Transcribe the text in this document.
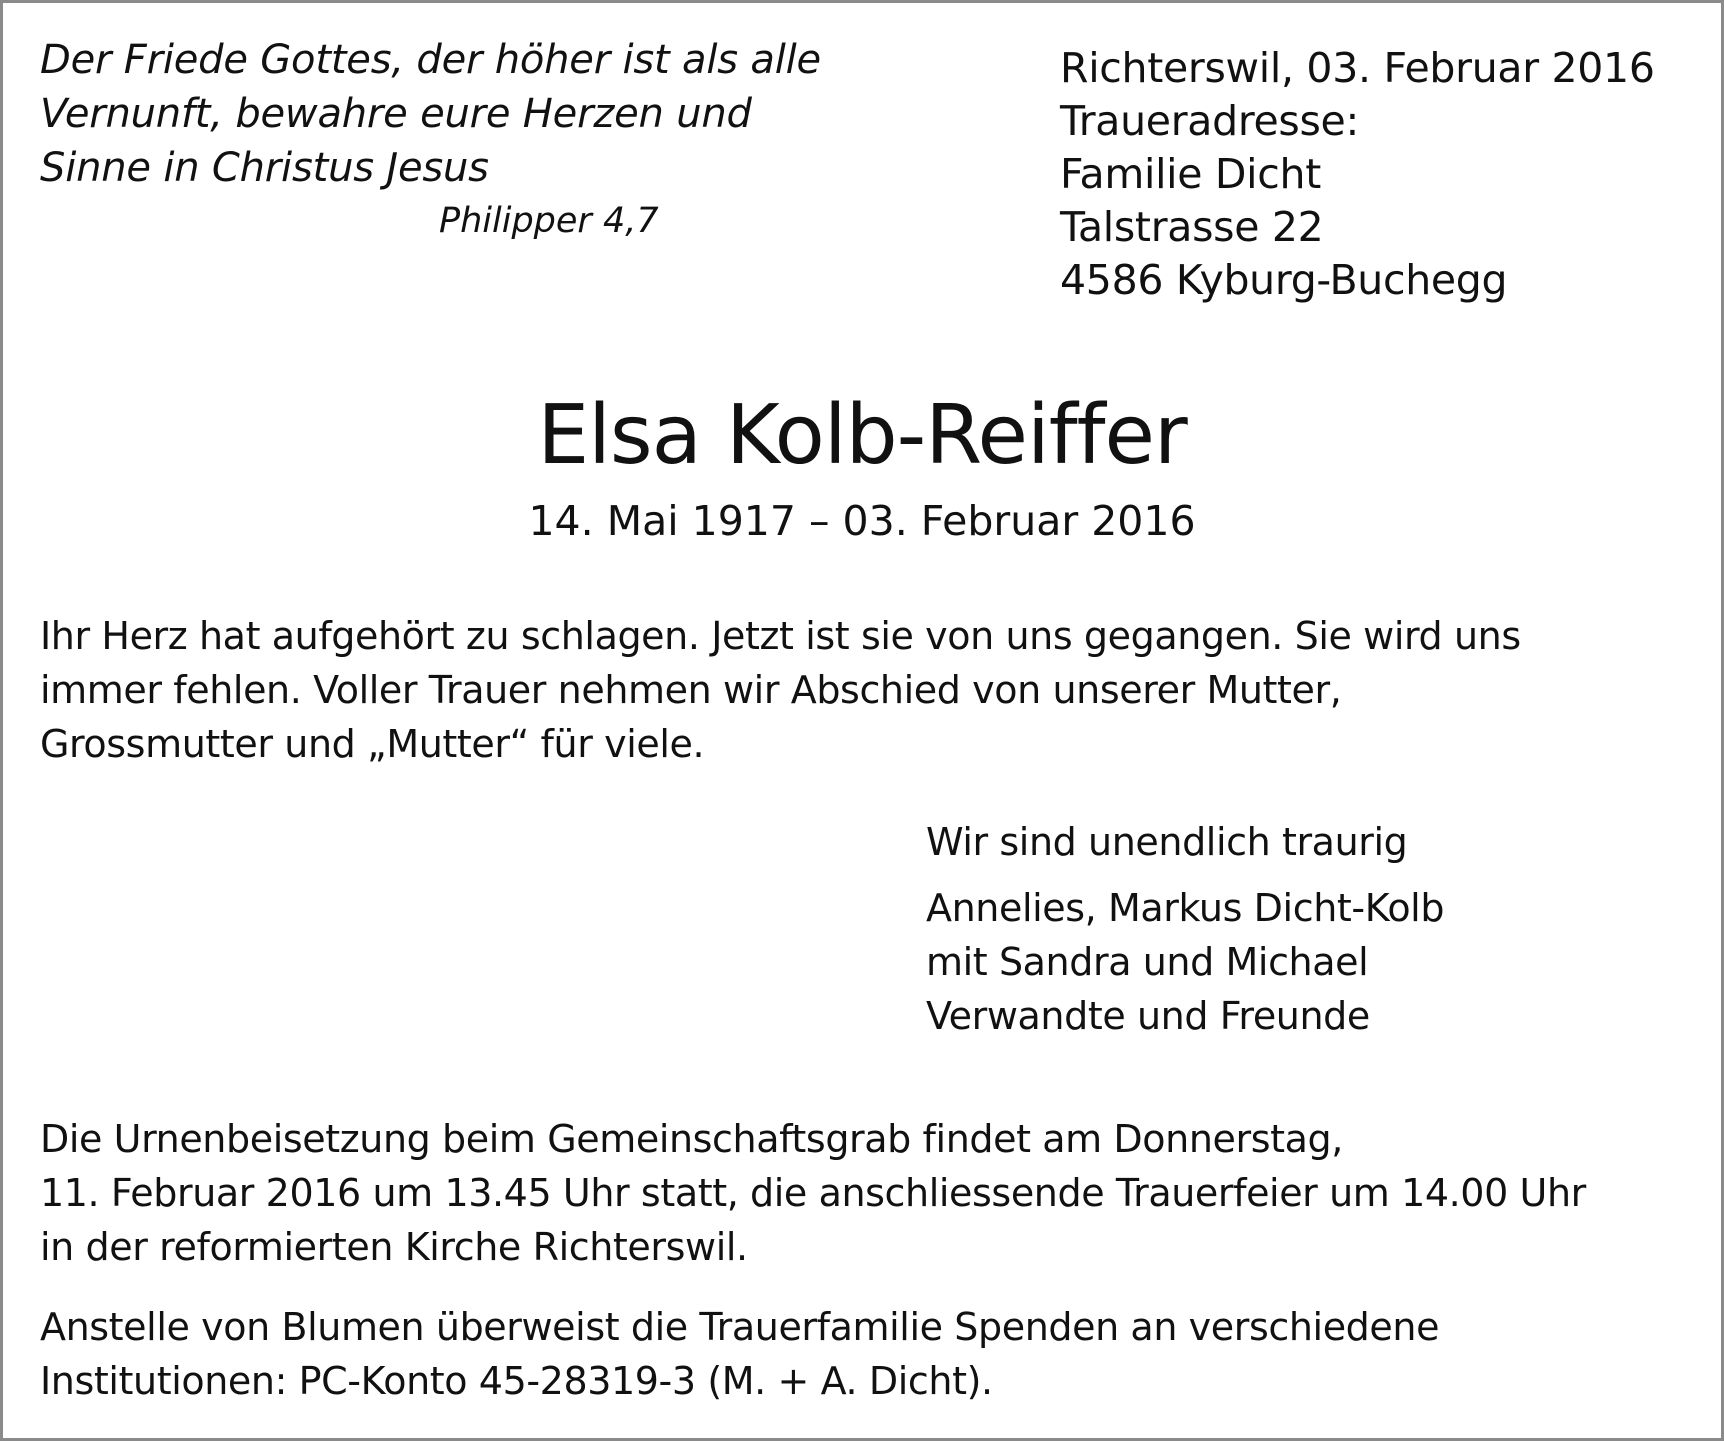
Der Friede Gottes, der höher ist als alle
Vernunft, bewahre eure Herzen und
Sinne in Christus Jesus
Philipper 4,7
Richterswil, 03. Februar 2016
Traueradresse:
Familie Dicht
Talstrasse 22
4586 Kyburg-Buchegg
Elsa Kolb-Reiffer
14. Mai 1917 – 03. Februar 2016
Ihr Herz hat aufgehört zu schlagen. Jetzt ist sie von uns gegangen. Sie wird uns
immer fehlen. Voller Trauer nehmen wir Abschied von unserer Mutter,
Grossmutter und „Mutter“ für viele.
Wir sind unendlich traurig
Annelies, Markus Dicht-Kolb
mit Sandra und Michael
Verwandte und Freunde
Die Urnenbeisetzung beim Gemeinschaftsgrab findet am Donnerstag,
11. Februar 2016 um 13.45 Uhr statt, die anschliessende Trauerfeier um 14.00 Uhr
in der reformierten Kirche Richterswil.
Anstelle von Blumen überweist die Trauerfamilie Spenden an verschiedene
Institutionen: PC-Konto 45-28319-3 (M. + A. Dicht).
